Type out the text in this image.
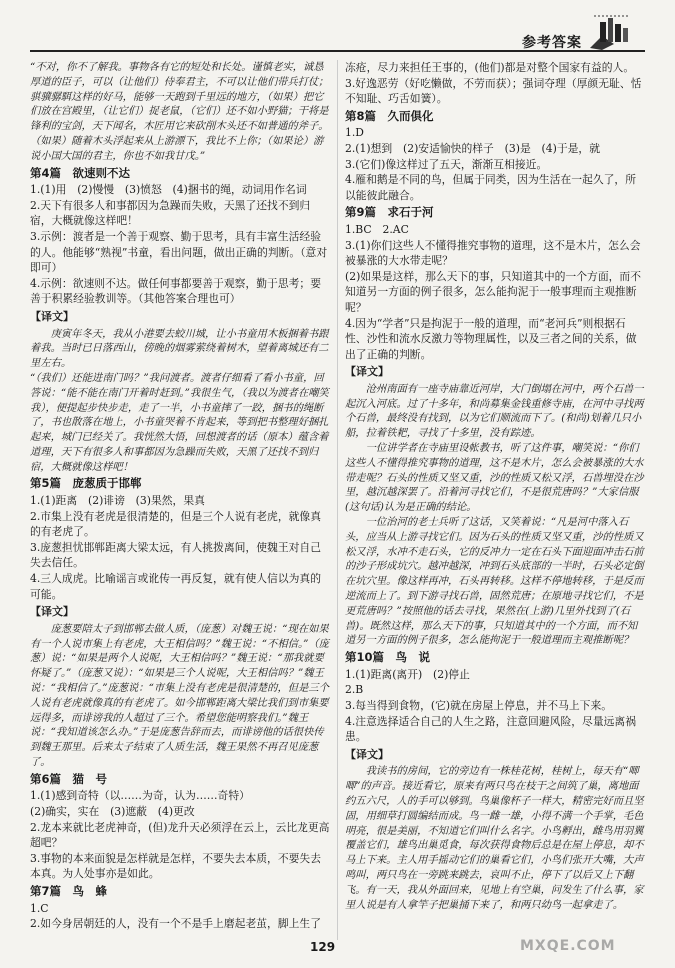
参考答案

“不对，你不了解我。事物各有它的短处和长处。谨慎老实，诚恳厚道的臣子，可以（让他们）侍奉君主，不可以让他们带兵打仗；骐骥骣駬这样的好马，能够一天跑到千里远的地方，（如果）把它们放在宫殿里，（让它们）捉老鼠，（它们）还不如小野猫；干将是锋利的宝剑，天下闻名，木匠用它来砍削木头还不如普通的斧子。（如果）随着木头浮起来从上游漂下，我比不上你；（如果论）游说小国大国的君主，你也不如我甘戊。”

第4篇　欲速则不达

1.(1)用　(2)慢慢　(3)愤怒　(4)捆书的绳，动词用作名词

2.天下有很多人和事都因为急躁而失败，天黑了还找不到归宿，大概就像这样吧！

3.示例：渡者是一个善于观察、勤于思考，具有丰富生活经验的人。他能够“熟视”书童，看出问题，做出正确的判断。（意对即可）

4.示例：欲速则不达。做任何事都要善于观察，勤于思考；要善于积累经验教训等。（其他答案合理也可）

【译文】

庚寅年冬天，我从小港要去蛟川城，让小书童用木板捆着书跟着我。当时已日落西山，傍晚的烟雾萦绕着树木，望着离城还有二里左右。

“（我们）还能进南门吗？”我问渡者。渡者仔细看了看小书童，回答说：“能不能在南门开着时赶到。”我很生气，（我以为渡者在嘲笑我），便提起步快步走，走了一半，小书童摔了一跤，捆书的绳断了，书也散落在地上，小书童哭着不肯起来，等到把书整理好捆扎起来，城门已经关了。我恍然大悟，回想渡者的话（原本）蕴含着道理，天下有很多人和事都因为急躁而失败，天黑了还找不到归宿，大概就像这样吧！

第5篇　庞葱质于邯郸

1.(1)距离　(2)诽谤　(3)果然，果真

2.市集上没有老虎是很清楚的，但是三个人说有老虎，就像真的有老虎了。

3.庞葱担忧邯郸距离大梁太远，有人挑拨离间，使魏王对自己失去信任。

4.三人成虎。比喻谣言或讹传一再反复，就有使人信以为真的可能。

【译文】

庞葱要陪太子到邯郸去做人质，（庞葱）对魏王说：“现在如果有一个人说市集上有老虎，大王相信吗？”魏王说：“不相信。”（庞葱）说：“如果是两个人说呢，大王相信吗？”魏王说：“那我就要怀疑了。”（庞葱又说）：“如果是三个人说呢，大王相信吗？”魏王说：“我相信了。”庞葱说：“市集上没有老虎是很清楚的，但是三个人说有老虎就像真的有老虎了。如今邯郸距离大梁比我们到市集要远得多，而诽谤我的人超过了三个。希望您能明察我们。”魏王说：“我知道该怎么办。”于是庞葱告辞而去，而诽谤他的话很快传到魏王那里。后来太子结束了人质生活，魏王果然不再召见庞葱了。

第6篇　猫　号

1.(1)感到奇特（以……为奇，认为……奇特）

(2)确实，实在　(3)遮蔽　(4)更改

2.龙本来就比老虎神奇，(但)龙升天必须浮在云上，云比龙更高超吧？

3.事物的本来面貌是怎样就是怎样，不要失去本质，不要失去本真。为人处事亦是如此。

第7篇　鸟　蜂

1.C

2.如今身居朝廷的人，没有一个不是手上磨起老茧，脚上生了

冻疮，尽力来担任王事的，(他们)都是对整个国家有益的人。

3.好逸恶劳（好吃懒做，不劳而获）；强词夺理（厚颜无耻、恬不知耻、巧舌如簧）。

第8篇　久而俱化

1.D

2.(1)想到　(2)安适愉快的样子　(3)是　(4)于是，就

3.(它们)像这样过了五天，渐渐互相接近。

4.雁和鹅是不同的鸟，但属于同类，因为生活在一起久了，所以能彼此融合。

第9篇　求石于河

1.BC　2.AC

3.(1)你们这些人不懂得推究事物的道理，这不是木片，怎么会被暴涨的大水带走呢？

(2)如果是这样，那么天下的事，只知道其中的一个方面，而不知道另一方面的例子很多，怎么能拘泥于一般事理而主观推断呢？

4.因为“学者”只是拘泥于一般的道理，而“老河兵”则根据石性、沙性和流水反激力等物理属性，以及三者之间的关系，做出了正确的判断。

【译文】

沧州南面有一座寺庙靠近河岸，大门倒塌在河中，两个石兽一起沉入河底。过了十多年，和尚募集金钱重修寺庙，在河中寻找两个石兽，最终没有找到，以为它们顺流而下了。(和尚)划着几只小船，拉着铁耙，寻找了十多里，没有踪迹。

一位讲学者在寺庙里设帐教书，听了这件事，嘲笑说：“你们这些人不懂得推究事物的道理，这不是木片，怎么会被暴涨的大水带走呢？石头的性质又坚又重，沙的性质又松又浮，石兽埋没在沙里，越沉越深罢了。沿着河寻找它们，不是很荒唐吗？”大家信服(这句话)认为是正确的结论。

一位治河的老士兵听了这话，又笑着说：“凡是河中落入石头，应当从上游寻找它们。因为石头的性质又坚又重，沙的性质又松又浮，水冲不走石头，它的反冲力一定在石头下面迎面冲击石前的沙子形成坑穴。越冲越深，冲到石头底部的一半时，石头必定倒在坑穴里。像这样再冲，石头再转移。这样不停地转移，于是反而逆流而上了。到下游寻找石兽，固然荒唐；在原地寻找它们，不是更荒唐吗？”按照他的话去寻找，果然在(上游)几里外找到了(石兽)。既然这样，那么天下的事，只知道其中的一个方面，而不知道另一方面的例子很多，怎么能拘泥于一般道理而主观推断呢？

第10篇　鸟　说

1.(1)距离(离开)　(2)停止

2.B

3.每当得到食物，(它)就在房屋上停息，并不马上下来。

4.注意选择适合自己的人生之路，注意回避风险，尽量远离祸患。

【译文】

我读书的房间，它的旁边有一株桂花树，桂树上，每天有“唧唧”的声音。接近看它，原来有两只鸟在枝干之间筑了巢，离地面约五六尺，人的手可以够到。鸟巢像杯子一样大，精密完好而且坚固，用细草打圆编结而成。鸟一雌一雄，小得不满一个手掌，毛色明亮，很是美丽，不知道它们叫什么名字。小鸟孵出，雌鸟用羽翼覆盖它们，雄鸟出巢觅食，每次获得食物后总是在屋上停息，却不马上下来。主人用手摇动它们的巢看它们，小鸟们张开大嘴，大声鸣叫，两只鸟在一旁跳来跳去，哀叫不止，停下了以后又上下翻飞。有一天，我从外面回来，见地上有空巢，问发生了什么事，家里人说是有人拿竿子把巢捅下来了，和两只幼鸟一起拿走了。

129	MXQE.COM
